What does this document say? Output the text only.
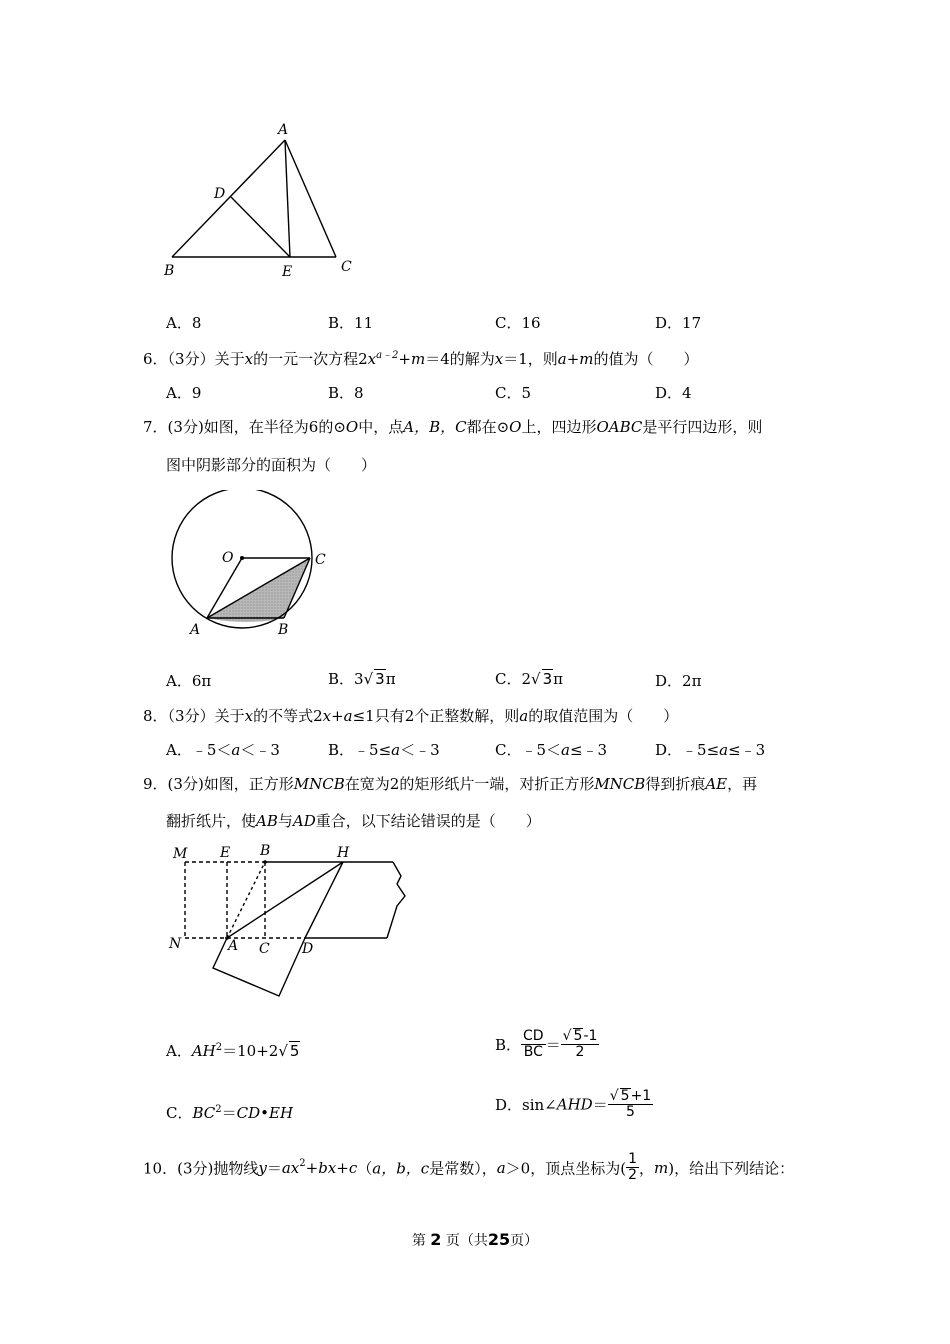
A
D
B	E	C
A．8	B．11	C．16	D．17
6．（3分）关于x的一元一次方程$2x^{a﹣2}+m=4$的解为x＝1，则a+m的值为（　　）
A．9	B．8	C．5	D．4
7．(3分)如图，在半径为6的⊙O中，点A，B，C都在⊙O上，四边形OABC是平行四边形，则
图中阴影部分的面积为（　　）
O	C
A	B
A．6π	B．3√ 3π	C．2√ 3π	D．2π
8．（3分）关于x的不等式2x+a≤1只有2个正整数解，则a的取值范围为（　　）
A．﹣5＜a＜﹣3	B．﹣5≤a＜﹣3	C．﹣5＜a≤﹣3	D．﹣5≤a≤﹣3
9．(3分)如图，正方形MNCB在宽为2的矩形纸片一端，对折正方形MNCB得到折痕AE，再
翻折纸片，使AB与AD重合，以下结论错误的是（　　）
M E B	H
N	A C D
A．$AH^2=10+2√$ 5	B． $\frac{CD}{BC} = \frac{√ 5-1}{2}$
C．$BC^2=CD•EH$	D．sin∠AHD＝ $\frac{√ 5+1}{5}$
10．(3分)抛物线$y=ax^2+bx+c(a$，b，c是常数），a＞0，顶点坐标为( $\frac{1}{2}$ ，m)，给出下列结论：
第 2 页（共25页）
